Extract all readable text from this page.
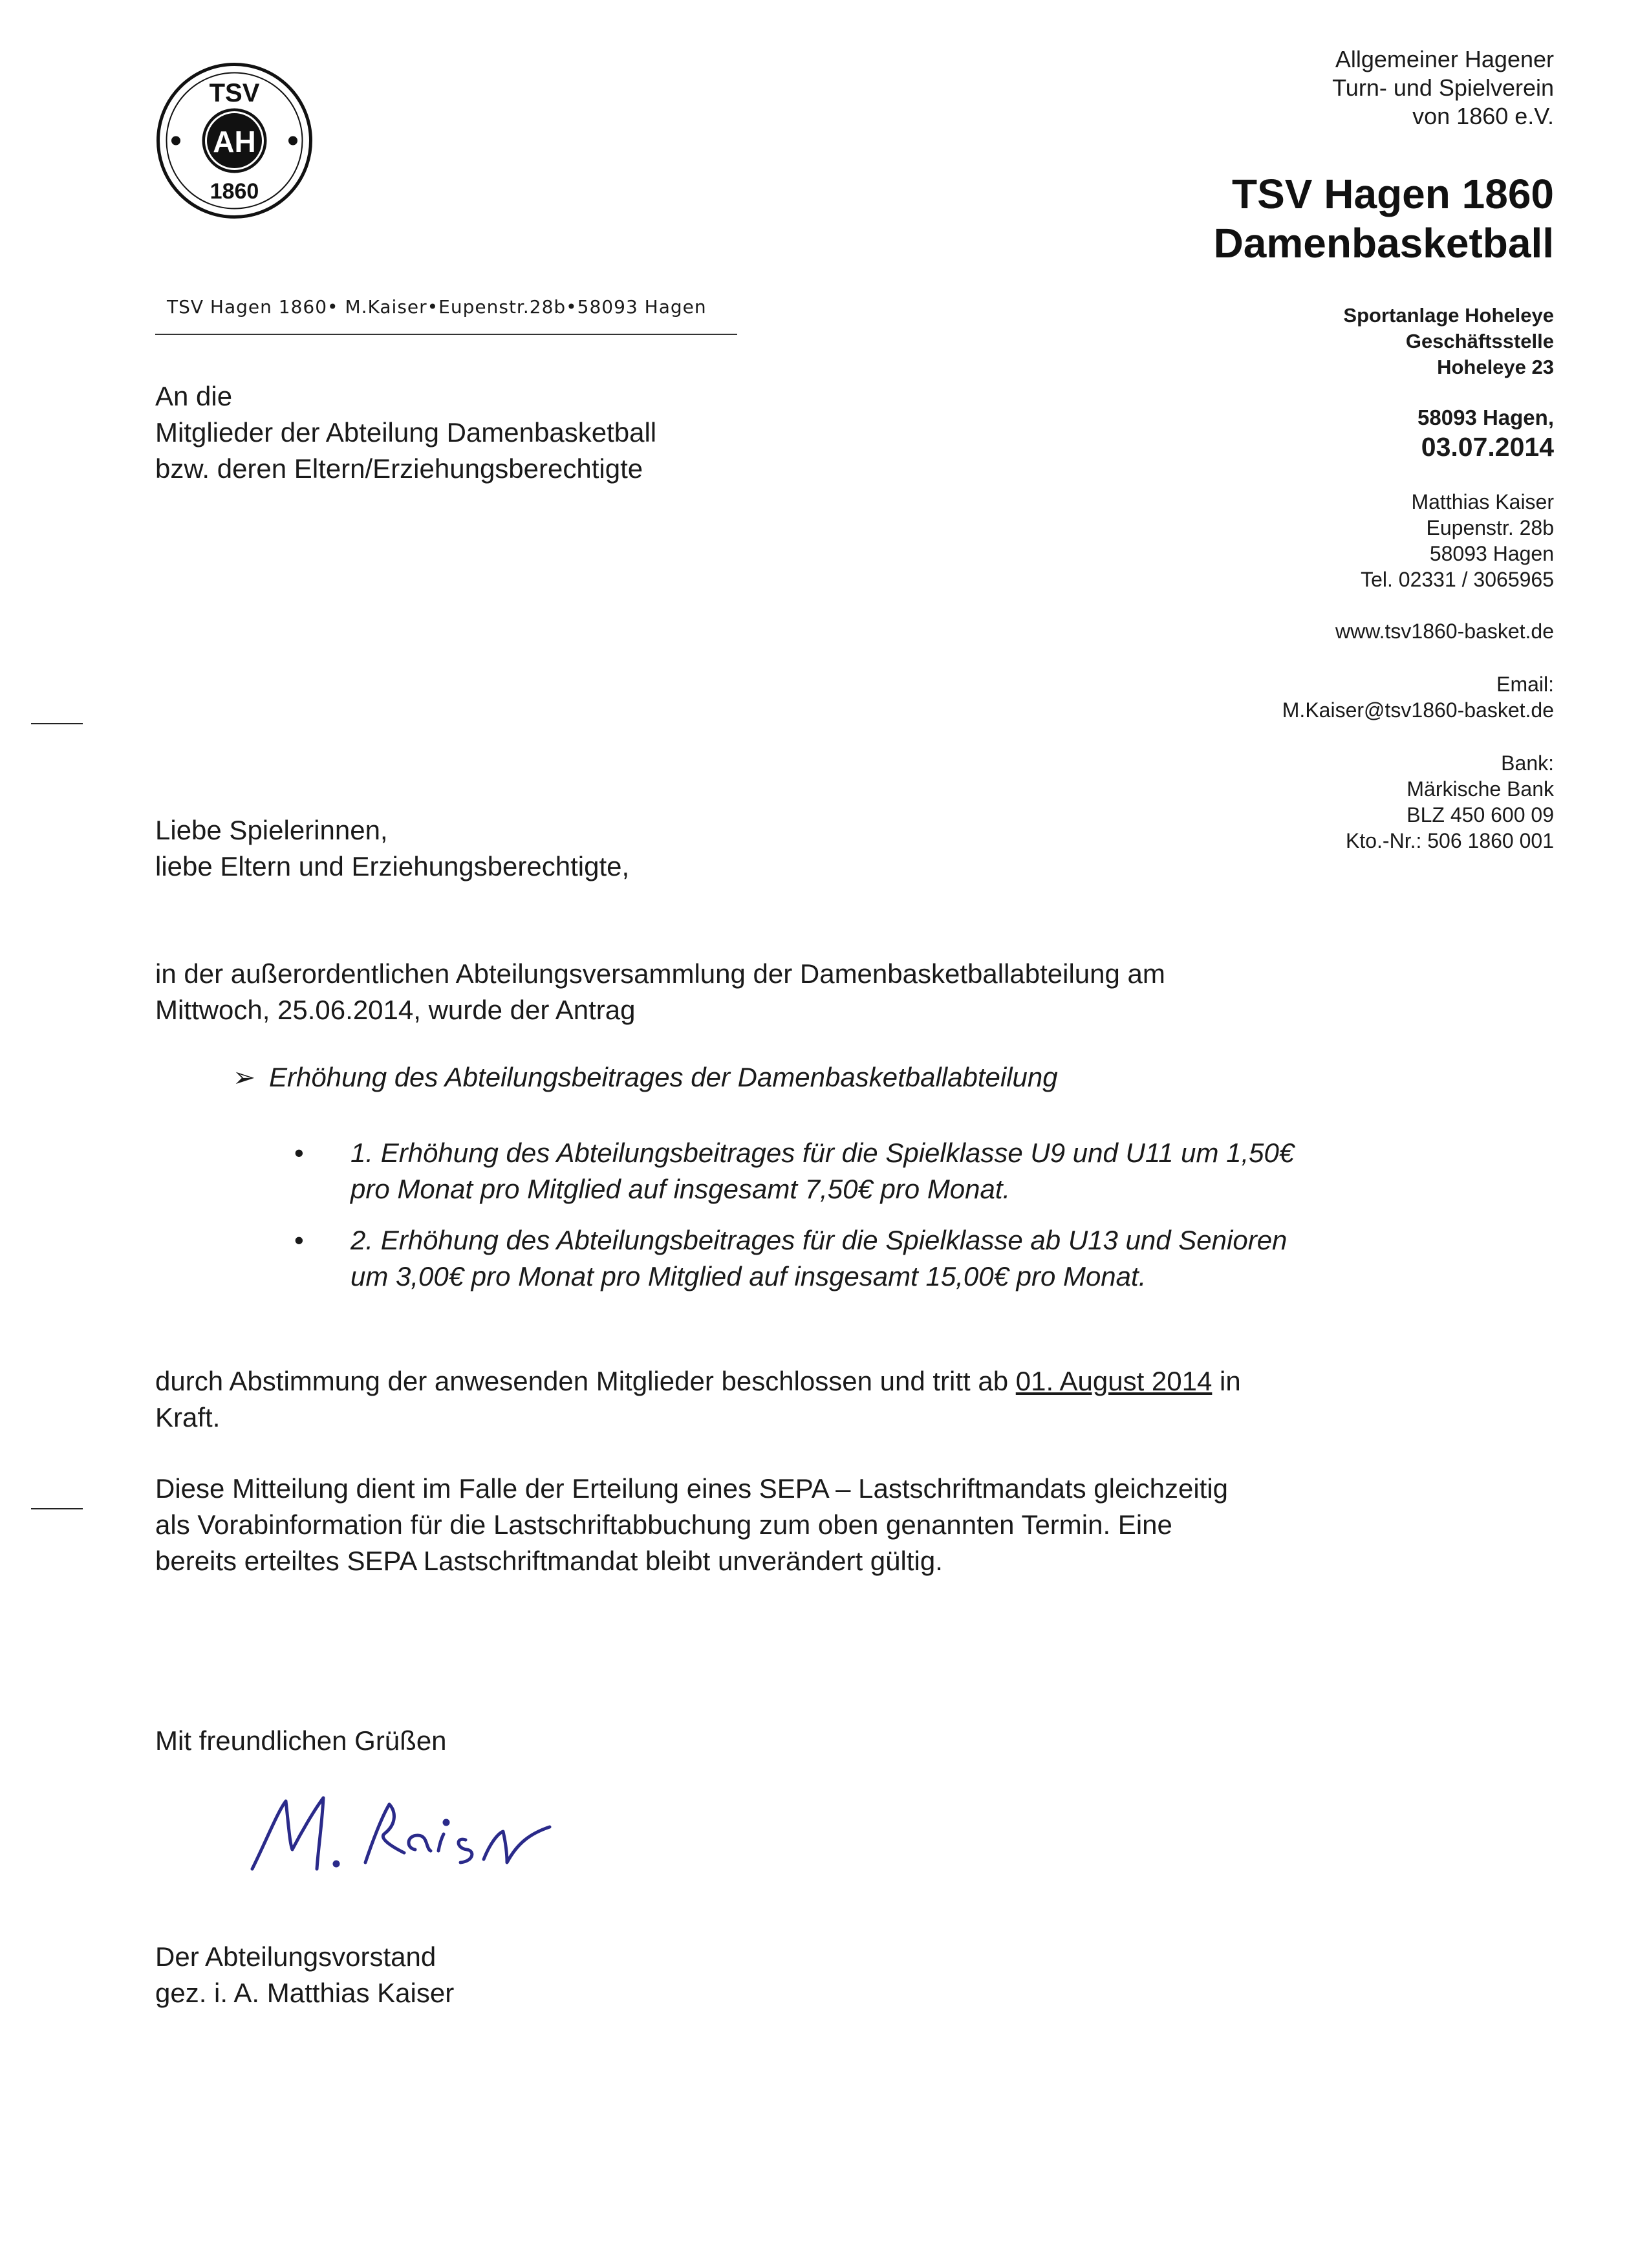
TSV
AH
1860
Allgemeiner Hagener
Turn- und Spielverein
von 1860 e.V.
TSV Hagen 1860
Damenbasketball
Sportanlage Hoheleye
Geschäftsstelle
Hoheleye 23
58093 Hagen,
03.07.2014
Matthias Kaiser
Eupenstr. 28b
58093 Hagen
Tel. 02331 / 3065965
www.tsv1860-basket.de
Email:
M.Kaiser@tsv1860-basket.de
Bank:
Märkische Bank
BLZ 450 600 09
Kto.-Nr.: 506 1860 001
TSV Hagen 1860• M.Kaiser•Eupenstr.28b•58093 Hagen
An die
Mitglieder der Abteilung Damenbasketball
bzw. deren Eltern/Erziehungsberechtigte
Liebe Spielerinnen,
liebe Eltern und Erziehungsberechtigte,
in der außerordentlichen Abteilungsversammlung der Damenbasketballabteilung am
Mittwoch, 25.06.2014, wurde der Antrag
➢ Erhöhung des Abteilungsbeitrages der Damenbasketballabteilung
• 1. Erhöhung des Abteilungsbeitrages für die Spielklasse U9 und U11 um 1,50€
pro Monat pro Mitglied auf insgesamt 7,50€ pro Monat.
• 2. Erhöhung des Abteilungsbeitrages für die Spielklasse ab U13 und Senioren
um 3,00€ pro Monat pro Mitglied auf insgesamt 15,00€ pro Monat.
durch Abstimmung der anwesenden Mitglieder beschlossen und tritt ab 01. August 2014 in
Kraft.
Diese Mitteilung dient im Falle der Erteilung eines SEPA – Lastschriftmandats gleichzeitig
als Vorabinformation für die Lastschriftabbuchung zum oben genannten Termin. Eine
bereits erteiltes SEPA Lastschriftmandat bleibt unverändert gültig.
Mit freundlichen Grüßen
Der Abteilungsvorstand
gez. i. A. Matthias Kaiser
